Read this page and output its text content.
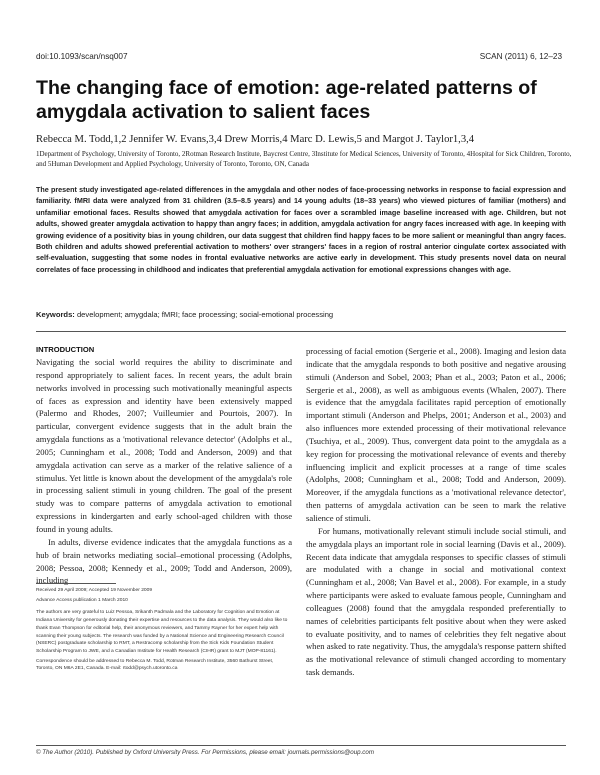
doi:10.1093/scan/nsq007	SCAN (2011) 6, 12–23
The changing face of emotion: age-related patterns of amygdala activation to salient faces
Rebecca M. Todd,1,2 Jennifer W. Evans,3,4 Drew Morris,4 Marc D. Lewis,5 and Margot J. Taylor1,3,4
1Department of Psychology, University of Toronto, 2Rotman Research Institute, Baycrest Centre, 3Institute for Medical Sciences, University of Toronto, 4Hospital for Sick Children, Toronto, and 5Human Development and Applied Psychology, University of Toronto, Toronto, ON, Canada
The present study investigated age-related differences in the amygdala and other nodes of face-processing networks in response to facial expression and familiarity. fMRI data were analyzed from 31 children (3.5–8.5 years) and 14 young adults (18–33 years) who viewed pictures of familiar (mothers) and unfamiliar emotional faces. Results showed that amygdala activation for faces over a scrambled image baseline increased with age. Children, but not adults, showed greater amygdala activation to happy than angry faces; in addition, amygdala activation for angry faces increased with age. In keeping with growing evidence of a positivity bias in young children, our data suggest that children find happy faces to be more salient or meaningful than angry faces. Both children and adults showed preferential activation to mothers' over strangers' faces in a region of rostral anterior cingulate cortex associated with self-evaluation, suggesting that some nodes in frontal evaluative networks are active early in development. This study presents novel data on neural correlates of face processing in childhood and indicates that preferential amygdala activation for emotional expressions changes with age.
Keywords: development; amygdala; fMRI; face processing; social-emotional processing
INTRODUCTION

Navigating the social world requires the ability to discriminate and respond appropriately to salient faces. In recent years, the adult brain networks involved in processing such motivationally meaningful aspects of faces as expression and identity have been extensively mapped (Palermo and Rhodes, 2007; Vuilleumier and Pourtois, 2007). In particular, convergent evidence suggests that in the adult brain the amygdala functions as a 'motivational relevance detector' (Adolphs et al., 2005; Cunningham et al., 2008; Todd and Anderson, 2009) and that amygdala activation can serve as a marker of the relative salience of a stimulus. Yet little is known about the development of the amygdala's role in processing salient stimuli in young children. The goal of the present study was to compare patterns of amygdala activation to emotional expressions in kindergarten and early school-aged children with those found in young adults.

In adults, diverse evidence indicates that the amygdala functions as a hub of brain networks mediating social–emotional processing (Adolphs, 2008; Pessoa, 2008; Kennedy et al., 2009; Todd and Anderson, 2009), including

Received 29 April 2009; Accepted 19 November 2009

Advance Access publication 1 March 2010

The authors are very grateful to Luiz Pessoa, Srikanth Padmala and the Laboratory for Cognition and Emotion at Indiana University for generously donating their expertise and resources to the data analysis. They would also like to thank Evan Thompson for editorial help, their anonymous reviewers, and Tammy Rayner for her expert help with scanning their young subjects. The research was funded by a National Science and Engineering Research Council (NSERC) postgraduate scholarship to RMT, a Restracomp scholarship from the Sick Kids Foundation Student Scholarship Program to JWE, and a Canadian Institute for Health Research (CIHR) grant to MJT (MOP-81161).

Correspondence should be addressed to Rebecca M. Todd, Rotman Research Institute, 3560 Bathurst Street, Toronto, ON M6A 2E1, Canada. E-mail: rtodd@psych.utoronto.ca

processing of facial emotion (Sergerie et al., 2008). Imaging and lesion data indicate that the amygdala responds to both positive and negative arousing stimuli (Anderson and Sobel, 2003; Phan et al., 2003; Paton et al., 2006; Sergerie et al., 2008), as well as ambiguous events (Whalen, 2007). There is evidence that the amygdala facilitates rapid perception of emotionally important stimuli (Anderson and Phelps, 2001; Anderson et al., 2003) and also influences more extended processing of their motivational relevance (Tsuchiya, et al., 2009). Thus, convergent data point to the amygdala as a key region for processing the motivational relevance of events and thereby influencing implicit and explicit processes at a range of time scales (Adolphs, 2008; Cunningham et al., 2008; Todd and Anderson, 2009). Moreover, if the amygdala functions as a 'motivational relevance detector', then patterns of amygdala activation can be seen to mark the relative salience of stimuli.

For humans, motivationally relevant stimuli include social stimuli, and the amygdala plays an important role in social learning (Davis et al., 2009). Recent data indicate that amygdala responses to specific classes of stimuli are modulated with a change in social and motivational context (Cunningham et al., 2008; Van Bavel et al., 2008). For example, in a study where participants were asked to evaluate famous people, Cunningham and colleagues (2008) found that the amygdala responded preferentially to names of celebrities participants felt positive about when they were asked to evaluate positivity, and to names of celebrities they felt negative about when asked to rate negativity. Thus, the amygdala's response pattern shifted as the motivational relevance of stimuli changed according to momentary task demands.

© The Author (2010). Published by Oxford University Press. For Permissions, please email: journals.permissions@oup.com
